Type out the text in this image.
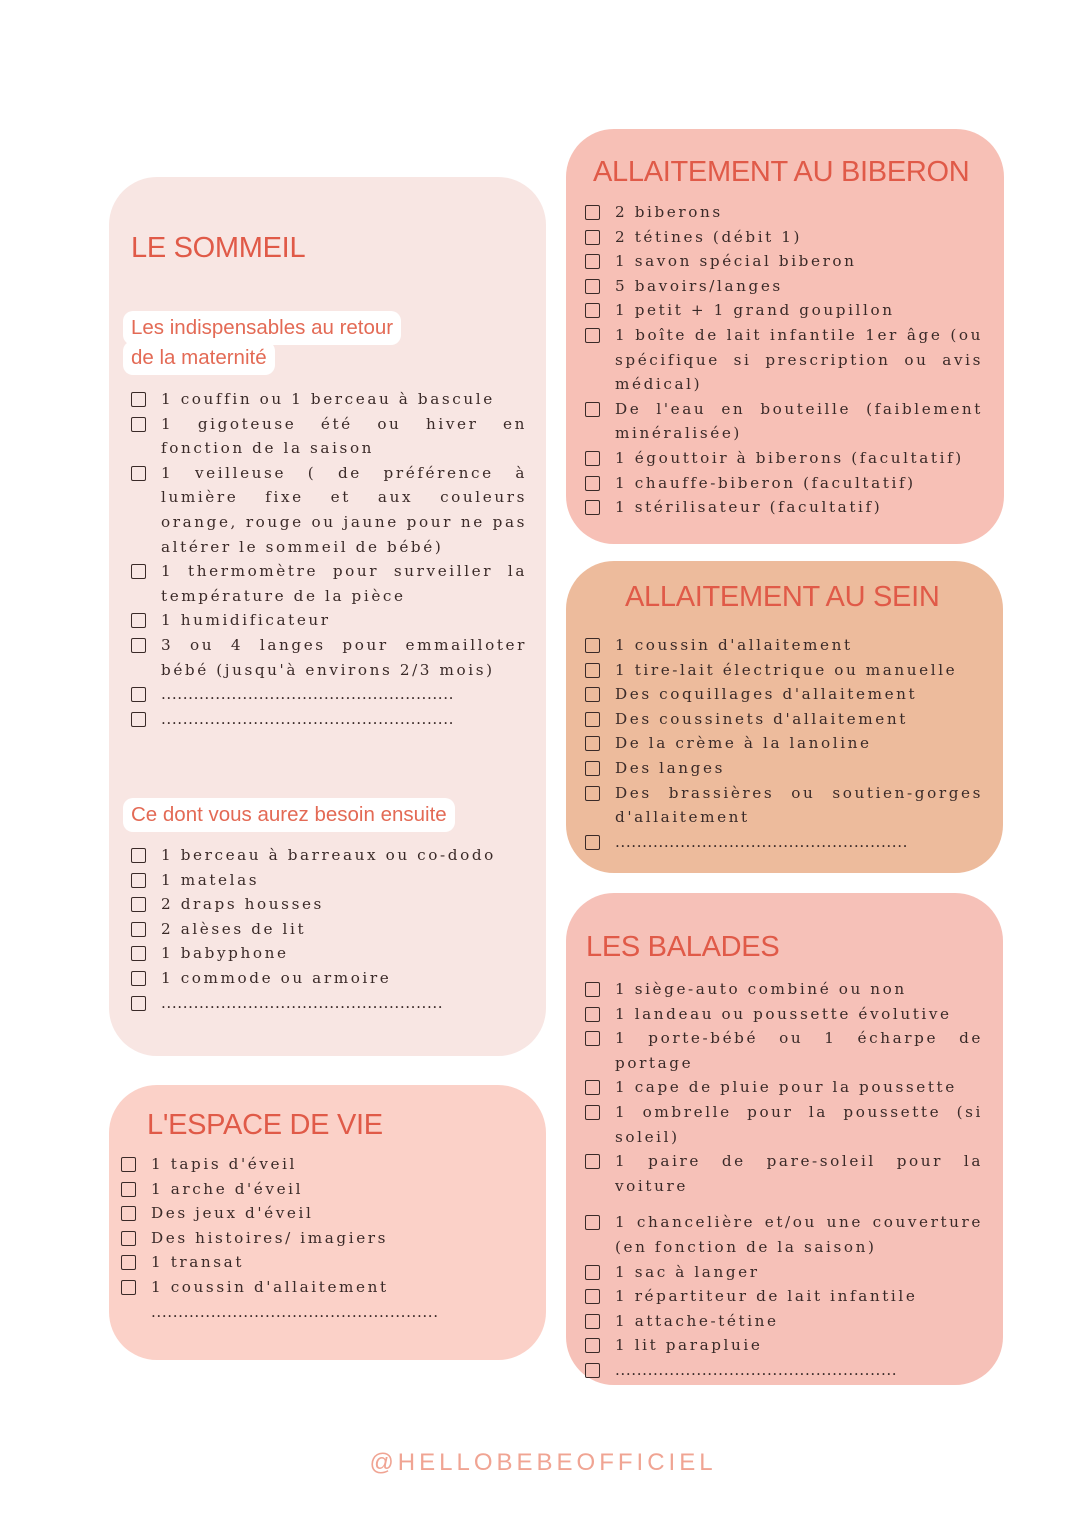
LE SOMMEIL
Les indispensables au retour
de la maternité
1 couffin ou 1 berceau à bascule
1 gigoteuse été ou hiver en fonction de la saison
1 veilleuse ( de préférence à lumière fixe et aux couleurs orange, rouge ou jaune pour ne pas altérer le sommeil de bébé)
1 thermomètre pour surveiller la température de la pièce
1 humidificateur
3 ou 4 langes pour emmailloter bébé (jusqu'à environs 2/3 mois)
......................................................
......................................................
Ce dont vous aurez besoin ensuite
1 berceau à barreaux ou co-dodo
1 matelas
2 draps housses
2 alèses de lit
1 babyphone
1 commode ou armoire
....................................................
L'ESPACE DE VIE
1 tapis d'éveil
1 arche d'éveil
Des jeux d'éveil
Des histoires/ imagiers
1 transat
1 coussin d'allaitement
.....................................................
ALLAITEMENT AU BIBERON
2 biberons
2 tétines (débit 1)
1 savon spécial biberon
5 bavoirs/langes
1 petit + 1 grand goupillon
1 boîte de lait infantile 1er âge (ou spécifique si prescription ou avis médical)
De l'eau en bouteille (faiblement minéralisée)
1 égouttoir à biberons (facultatif)
1 chauffe-biberon (facultatif)
1 stérilisateur (facultatif)
ALLAITEMENT AU SEIN
1 coussin d'allaitement
1 tire-lait électrique ou manuelle
Des coquillages d'allaitement
Des coussinets d'allaitement
De la crème à la lanoline
Des langes
Des brassières ou soutien-gorges d'allaitement
......................................................
LES BALADES
1 siège-auto combiné ou non
1 landeau ou poussette évolutive
1 porte-bébé ou 1 écharpe de portage
1 cape de pluie pour la poussette
1 ombrelle pour la poussette (si soleil)
1 paire de pare-soleil pour la voiture
1 chancelière et/ou une couverture (en fonction de la saison)
1 sac à langer
1 répartiteur de lait infantile
1 attache-tétine
1 lit parapluie
....................................................
@HELLOBEBEOFFICIEL
